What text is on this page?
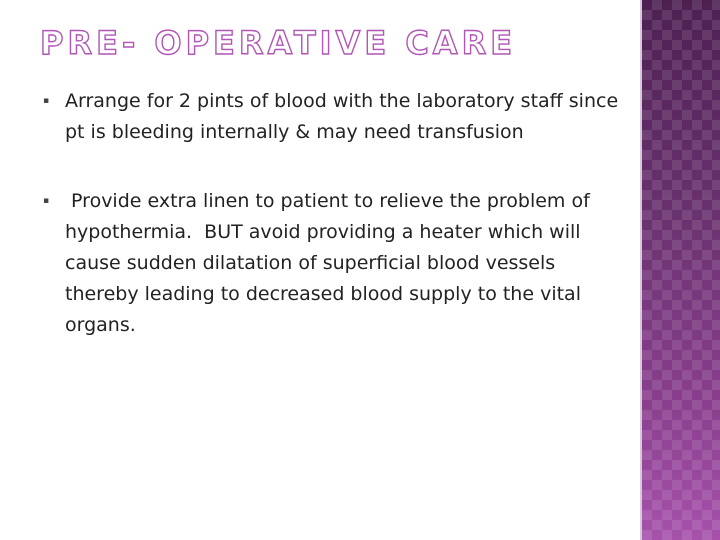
PRE- OPERATIVE CARE
▪ Arrange for 2 pints of blood with the laboratory staff since pt is bleeding internally & may need transfusion
▪ Provide extra linen to patient to relieve the problem of hypothermia.  BUT avoid providing a heater which will cause sudden dilatation of superficial blood vessels thereby leading to decreased blood supply to the vital organs.
